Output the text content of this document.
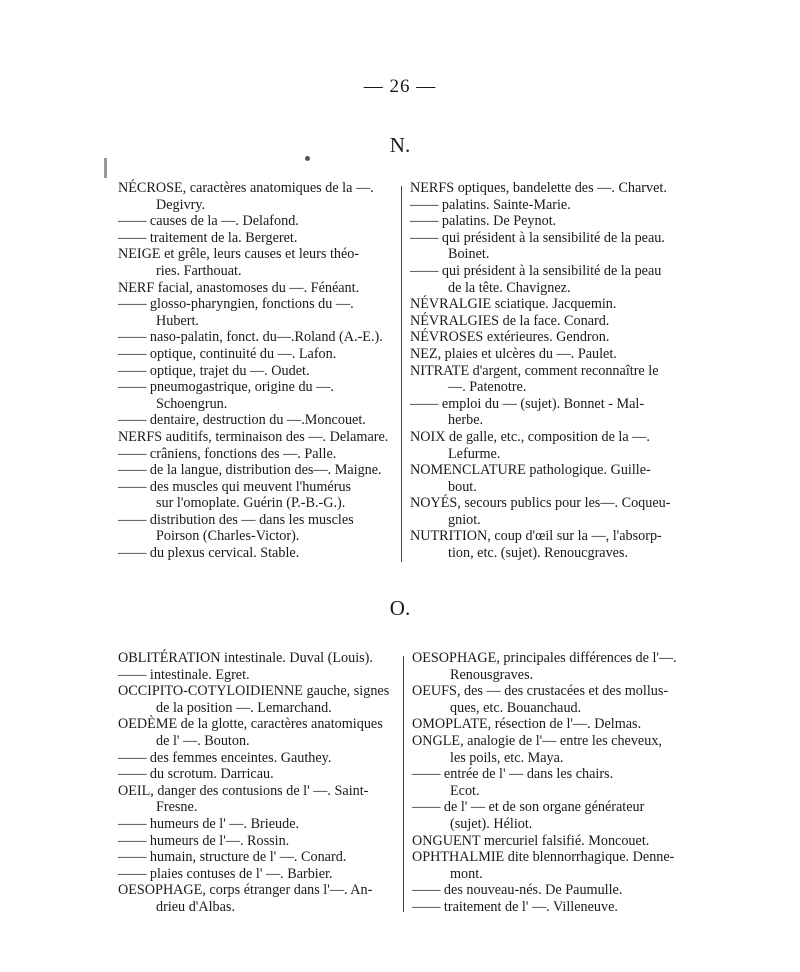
— 26 —
N.
NÉCROSE, caractères anatomiques de la —.
Degivry.
—— causes de la —. Delafond.
—— traitement de la. Bergeret.
NEIGE et grêle, leurs causes et leurs théo-
ries. Farthouat.
NERF facial, anastomoses du —. Fénéant.
—— glosso-pharyngien, fonctions du —.
Hubert.
—— naso-palatin, fonct. du—.Roland (A.-E.).
—— optique, continuité du —. Lafon.
—— optique, trajet du —. Oudet.
—— pneumogastrique, origine du —.
Schoengrun.
—— dentaire, destruction du —.Moncouet.
NERFS auditifs, terminaison des —. Delamare.
—— crâniens, fonctions des —. Palle.
—— de la langue, distribution des—. Maigne.
—— des muscles qui meuvent l'humérus
sur l'omoplate. Guérin (P.-B.-G.).
—— distribution des — dans les muscles
Poirson (Charles-Victor).
—— du plexus cervical. Stable.
NERFS optiques, bandelette des —. Charvet.
—— palatins. Sainte-Marie.
—— palatins. De Peynot.
—— qui président à la sensibilité de la peau.
Boinet.
—— qui président à la sensibilité de la peau
de la tête. Chavignez.
NÉVRALGIE sciatique. Jacquemin.
NÉVRALGIES de la face. Conard.
NÉVROSES extérieures. Gendron.
NEZ, plaies et ulcères du —. Paulet.
NITRATE d'argent, comment reconnaître le
—. Patenotre.
—— emploi du — (sujet). Bonnet - Mal-
herbe.
NOIX de galle, etc., composition de la —.
Lefurme.
NOMENCLATURE pathologique. Guille-
bout.
NOYÉS, secours publics pour les—. Coqueu-
gniot.
NUTRITION, coup d'œil sur la —, l'absorp-
tion, etc. (sujet). Renoucgraves.
O.
OBLITÉRATION intestinale. Duval (Louis).
—— intestinale. Egret.
OCCIPITO-COTYLOIDIENNE gauche, signes
de la position —. Lemarchand.
OEDÈME de la glotte, caractères anatomiques
de l' —. Bouton.
—— des femmes enceintes. Gauthey.
—— du scrotum. Darricau.
OEIL, danger des contusions de l' —. Saint-
Fresne.
—— humeurs de l' —. Brieude.
—— humeurs de l'—. Rossin.
—— humain, structure de l' —. Conard.
—— plaies contuses de l' —. Barbier.
OESOPHAGE, corps étranger dans l'—. An-
drieu d'Albas.
OESOPHAGE, principales différences de l'—.
Renousgraves.
OEUFS, des — des crustacées et des mollus-
ques, etc. Bouanchaud.
OMOPLATE, résection de l'—. Delmas.
ONGLE, analogie de l'— entre les cheveux,
les poils, etc. Maya.
—— entrée de l' — dans les chairs.
Ecot.
—— de l' — et de son organe générateur
(sujet). Héliot.
ONGUENT mercuriel falsifié. Moncouet.
OPHTHALMIE dite blennorrhagique. Denne-
mont.
—— des nouveau-nés. De Paumulle.
—— traitement de l' —. Villeneuve.
